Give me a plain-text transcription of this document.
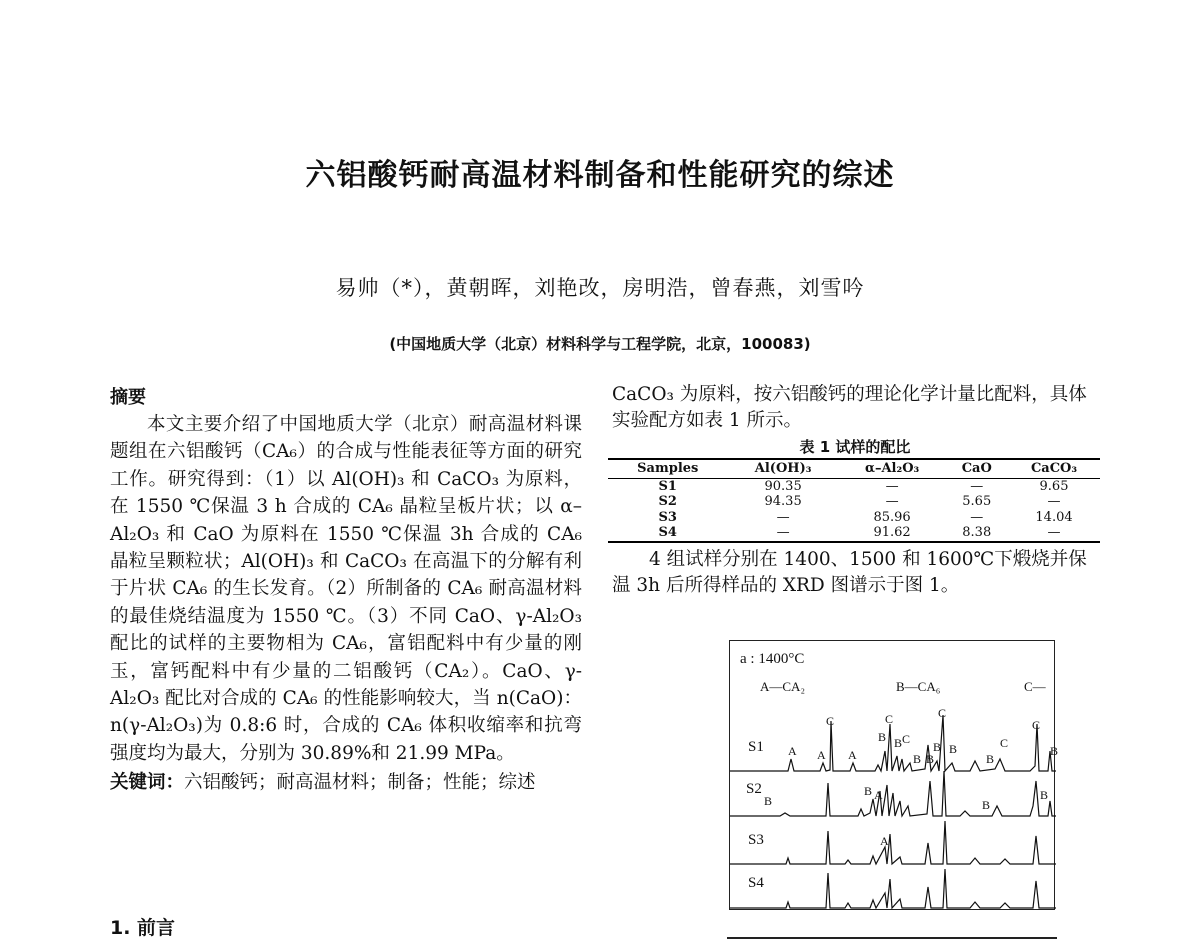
六铝酸钙耐高温材料制备和性能研究的综述
易帅（*），黄朝晖，刘艳改，房明浩，曾春燕，刘雪吟
(中国地质大学（北京）材料科学与工程学院，北京，100083)

摘要

本文主要介绍了中国地质大学（北京）耐高温材料课题组在六铝酸钙（CA₆）的合成与性能表征等方面的研究工作。研究得到：（1）以 Al(OH)₃ 和 CaCO₃ 为原料，在 1550 ℃保温 3 h 合成的 CA₆ 晶粒呈板片状；以 α–Al₂O₃ 和 CaO 为原料在 1550 ℃保温 3h 合成的 CA₆ 晶粒呈颗粒状；Al(OH)₃ 和 CaCO₃ 在高温下的分解有利于片状 CA₆ 的生长发育。（2）所制备的 CA₆ 耐高温材料的最佳烧结温度为 1550 ℃。（3）不同 CaO、γ-Al₂O₃ 配比的试样的主要物相为 CA₆，富铝配料中有少量的刚玉，富钙配料中有少量的二铝酸钙（CA₂）。CaO、γ-Al₂O₃ 配比对合成的 CA₆ 的性能影响较大，当 n(CaO)：n(γ-Al₂O₃)为 0.8:6 时，合成的 CA₆ 体积收缩率和抗弯强度均为最大，分别为 30.89%和 21.99 MPa。

关键词：六铝酸钙；耐高温材料；制备；性能；综述

1. 前言

CaCO₃ 为原料，按六铝酸钙的理论化学计量比配料，具体实验配方如表 1 所示。

表 1 试样的配比
Samples	Al(OH)₃	α–Al₂O₃	CaO	CaCO₃
S1	90.35	—	—	9.65
S2	94.35	—	5.65	—
S3	—	85.96	—	14.04
S4	—	91.62	8.38	—

4 组试样分别在 1400、1500 和 1600℃下煅烧并保温 3h 后所得样品的 XRD 图谱示于图 1。

a : 1400°C
A—CA₂	B—CA₆	C—
S1
S2
S3
S4
A A A
C	C
B B C
C
B B
B B	B
C
B
C
B
B A
B
B
A
